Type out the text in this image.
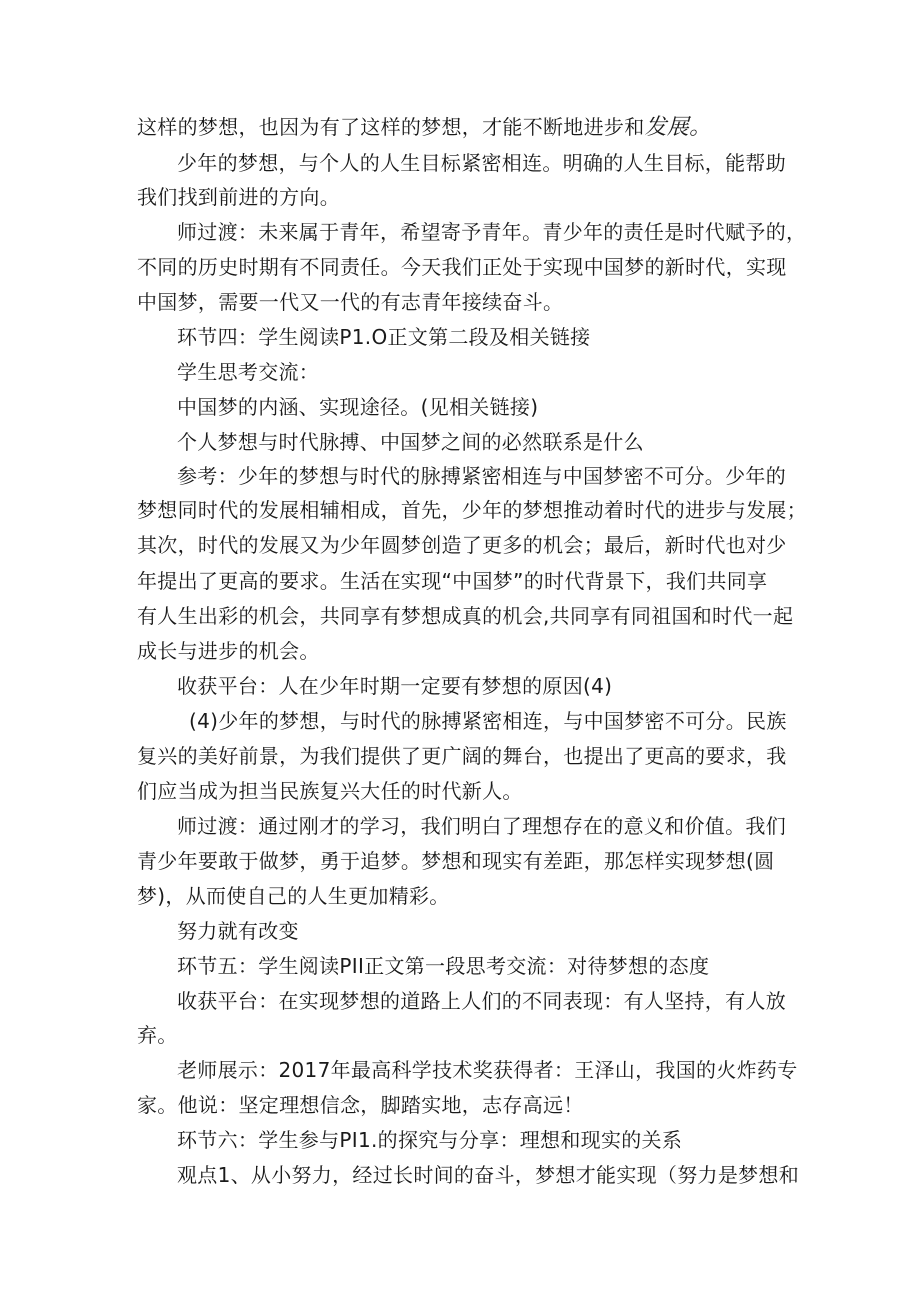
这样的梦想，也因为有了这样的梦想，才能不断地进步和发展。
少年的梦想，与个人的人生目标紧密相连。明确的人生目标，能帮助
我们找到前进的方向。
师过渡：未来属于青年，希望寄予青年。青少年的责任是时代赋予的，
不同的历史时期有不同责任。今天我们正处于实现中国梦的新时代，实现
中国梦，需要一代又一代的有志青年接续奋斗。
环节四：学生阅读P1.O正文第二段及相关链接
学生思考交流：
中国梦的内涵、实现途径。(见相关链接)
个人梦想与时代脉搏、中国梦之间的必然联系是什么
参考：少年的梦想与时代的脉搏紧密相连与中国梦密不可分。少年的
梦想同时代的发展相辅相成，首先，少年的梦想推动着时代的进步与发展；
其次，时代的发展又为少年圆梦创造了更多的机会；最后，新时代也对少
年提出了更高的要求。生活在实现“中国梦”的时代背景下，我们共同享
有人生出彩的机会，共同享有梦想成真的机会,共同享有同祖国和时代一起
成长与进步的机会。
收获平台：人在少年时期一定要有梦想的原因(4)
(4)少年的梦想，与时代的脉搏紧密相连，与中国梦密不可分。民族
复兴的美好前景，为我们提供了更广阔的舞台，也提出了更高的要求，我
们应当成为担当民族复兴大任的时代新人。
师过渡：通过刚才的学习，我们明白了理想存在的意义和价值。我们
青少年要敢于做梦，勇于追梦。梦想和现实有差距，那怎样实现梦想(圆
梦)，从而使自己的人生更加精彩。
努力就有改变
环节五：学生阅读PII正文第一段思考交流：对待梦想的态度
收获平台：在实现梦想的道路上人们的不同表现：有人坚持，有人放
弃。
老师展示：2017年最高科学技术奖获得者：王泽山，我国的火炸药专
家。他说：坚定理想信念，脚踏实地，志存高远！
环节六：学生参与PI1.的探究与分享：理想和现实的关系
观点1、从小努力，经过长时间的奋斗，梦想才能实现（努力是梦想和
